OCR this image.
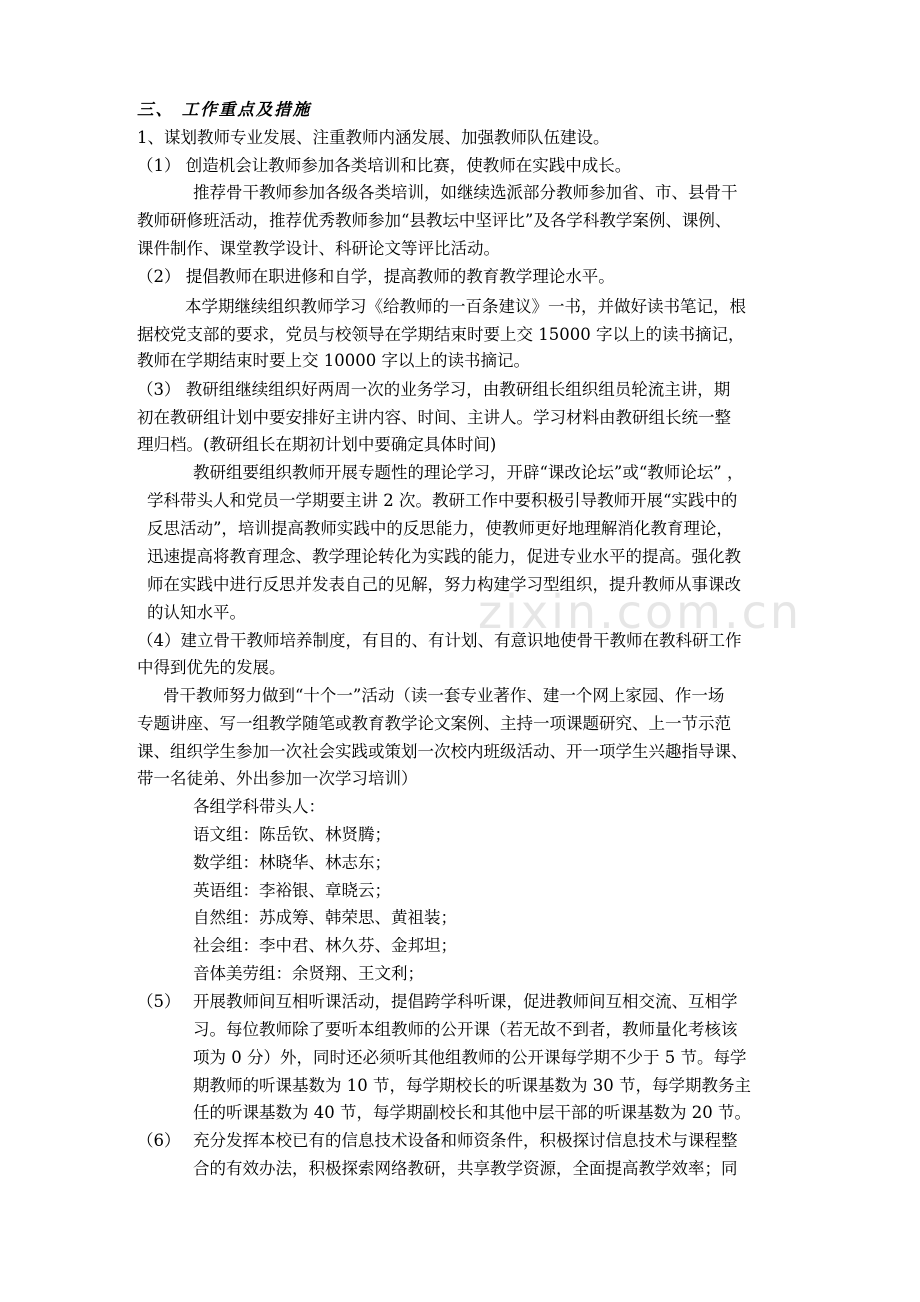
zixin.com.cn
三、 工作重点及措施
1、谋划教师专业发展、注重教师内涵发展、加强教师队伍建设。
（1） 创造机会让教师参加各类培训和比赛，使教师在实践中成长。
推荐骨干教师参加各级各类培训，如继续选派部分教师参加省、市、县骨干
教师研修班活动，推荐优秀教师参加“县教坛中坚评比”及各学科教学案例、课例、
课件制作、课堂教学设计、科研论文等评比活动。
（2） 提倡教师在职进修和自学，提高教师的教育教学理论水平。
本学期继续组织教师学习《给教师的一百条建议》一书，并做好读书笔记，根
据校党支部的要求，党员与校领导在学期结束时要上交 15000 字以上的读书摘记，
教师在学期结束时要上交 10000 字以上的读书摘记。
（3） 教研组继续组织好两周一次的业务学习，由教研组长组织组员轮流主讲，期
初在教研组计划中要安排好主讲内容、时间、主讲人。学习材料由教研组长统一整
理归档。(教研组长在期初计划中要确定具体时间)
教研组要组织教师开展专题性的理论学习，开辟“课改论坛”或“教师论坛” ，
学科带头人和党员一学期要主讲 2 次。教研工作中要积极引导教师开展“实践中的
反思活动”，培训提高教师实践中的反思能力，使教师更好地理解消化教育理论，
迅速提高将教育理念、教学理论转化为实践的能力，促进专业水平的提高。强化教
师在实践中进行反思并发表自己的见解，努力构建学习型组织，提升教师从事课改
的认知水平。
（4）建立骨干教师培养制度，有目的、有计划、有意识地使骨干教师在教科研工作
中得到优先的发展。
骨干教师努力做到“十个一”活动（读一套专业著作、建一个网上家园、作一场
专题讲座、写一组教学随笔或教育教学论文案例、主持一项课题研究、上一节示范
课、组织学生参加一次社会实践或策划一次校内班级活动、开一项学生兴趣指导课、
带一名徒弟、外出参加一次学习培训）
各组学科带头人：
语文组：陈岳钦、林贤腾；
数学组：林晓华、林志东；
英语组：李裕银、章晓云；
自然组：苏成筹、韩荣思、黄祖装；
社会组：李中君、林久芬、金邦坦；
音体美劳组：余贤翔、王文利；
（5） 开展教师间互相听课活动，提倡跨学科听课，促进教师间互相交流、互相学
习。每位教师除了要听本组教师的公开课（若无故不到者，教师量化考核该
项为 0 分）外，同时还必须听其他组教师的公开课每学期不少于 5 节。每学
期教师的听课基数为 10 节，每学期校长的听课基数为 30 节，每学期教务主
任的听课基数为 40 节，每学期副校长和其他中层干部的听课基数为 20 节。
（6） 充分发挥本校已有的信息技术设备和师资条件，积极探讨信息技术与课程整
合的有效办法，积极探索网络教研，共享教学资源，全面提高教学效率；同
